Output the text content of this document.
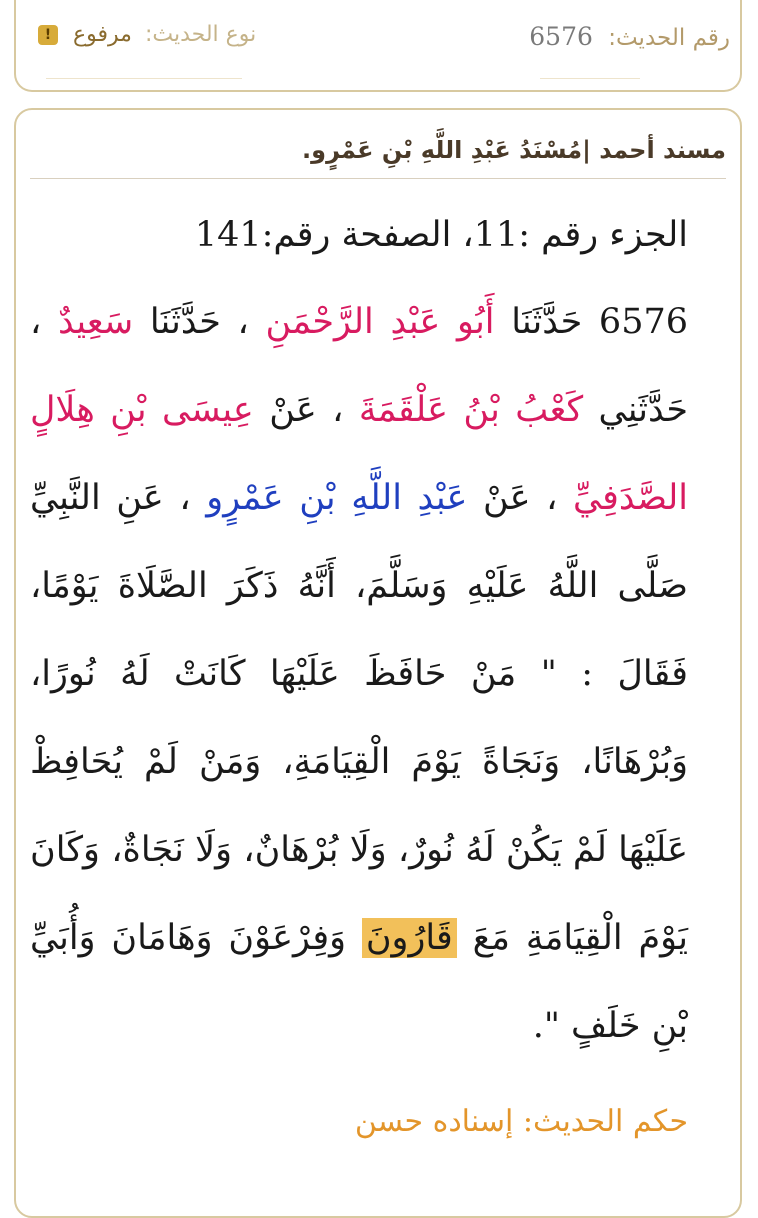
رقم الحديث: 6576
نوع الحديث: مرفوع !
مسند أحمد |مُسْنَدُ عَبْدِ اللَّهِ بْنِ عَمْرٍو.
الجزء رقم :11، الصفحة رقم:141
6576 حَدَّثَنَا أَبُو عَبْدِ الرَّحْمَنِ ، حَدَّثَنَا سَعِيدٌ ، حَدَّثَنِي كَعْبُ بْنُ عَلْقَمَةَ ، عَنْ عِيسَى بْنِ هِلَالٍ الصَّدَفِيِّ ، عَنْ عَبْدِ اللَّهِ بْنِ عَمْرٍو ، عَنِ النَّبِيِّ صَلَّى اللَّهُ عَلَيْهِ وَسَلَّمَ، أَنَّهُ ذَكَرَ الصَّلَاةَ يَوْمًا، فَقَالَ : " مَنْ حَافَظَ عَلَيْهَا كَانَتْ لَهُ نُورًا، وَبُرْهَانًا، وَنَجَاةً يَوْمَ الْقِيَامَةِ، وَمَنْ لَمْ يُحَافِظْ عَلَيْهَا لَمْ يَكُنْ لَهُ نُورٌ، وَلَا بُرْهَانٌ، وَلَا نَجَاةٌ، وَكَانَ يَوْمَ الْقِيَامَةِ مَعَ قَارُونَ وَفِرْعَوْنَ وَهَامَانَ وَأُبَيِّ بْنِ خَلَفٍ ".
حكم الحديث: إسناده حسن
